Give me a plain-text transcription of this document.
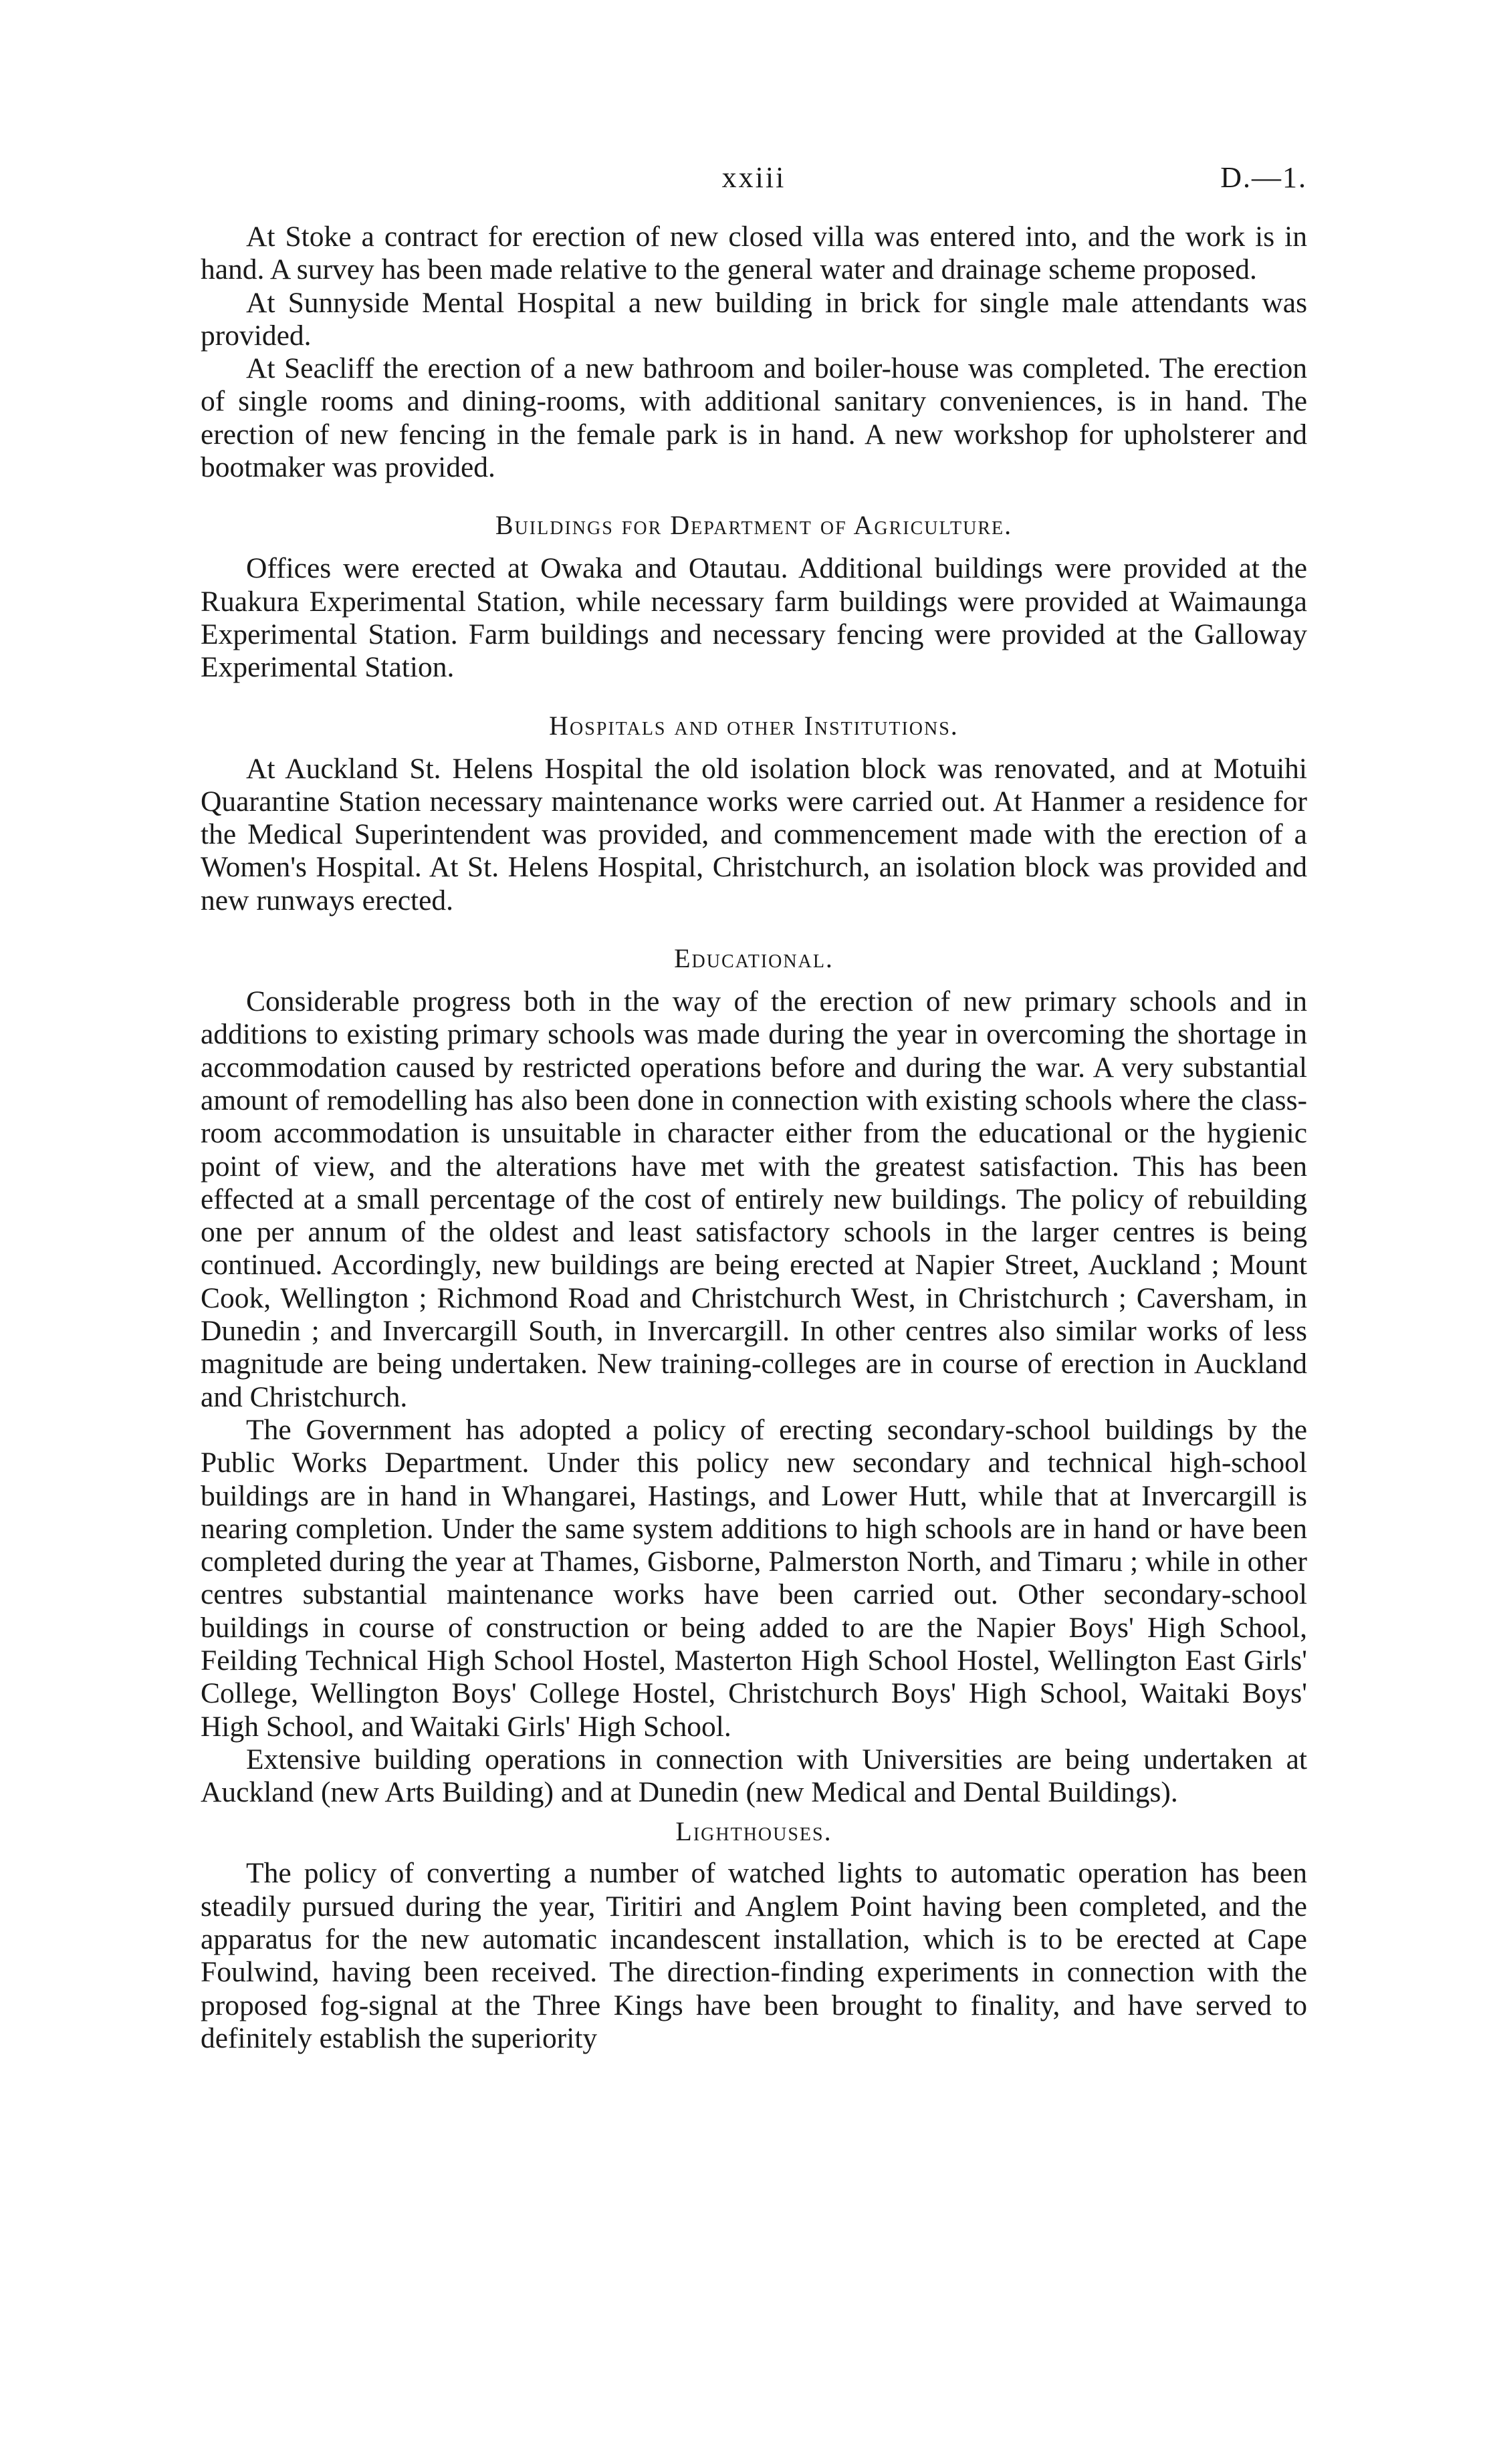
xxiii	D.—1.

At Stoke a contract for erection of new closed villa was entered into, and the work is in hand. A survey has been made relative to the general water and drainage scheme proposed.

At Sunnyside Mental Hospital a new building in brick for single male attendants was provided.

At Seacliff the erection of a new bathroom and boiler-house was completed. The erection of single rooms and dining-rooms, with additional sanitary conveniences, is in hand. The erection of new fencing in the female park is in hand. A new workshop for upholsterer and bootmaker was provided.

Buildings for Department of Agriculture.

Offices were erected at Owaka and Otautau. Additional buildings were provided at the Ruakura Experimental Station, while necessary farm buildings were provided at Waimaunga Experimental Station. Farm buildings and necessary fencing were provided at the Galloway Experimental Station.

Hospitals and other Institutions.

At Auckland St. Helens Hospital the old isolation block was renovated, and at Motuihi Quarantine Station necessary maintenance works were carried out. At Hanmer a residence for the Medical Superintendent was provided, and commencement made with the erection of a Women's Hospital. At St. Helens Hospital, Christchurch, an isolation block was provided and new runways erected.

Educational.

Considerable progress both in the way of the erection of new primary schools and in additions to existing primary schools was made during the year in overcoming the shortage in accommodation caused by restricted operations before and during the war. A very substantial amount of remodelling has also been done in connection with existing schools where the class-room accommodation is unsuitable in character either from the educational or the hygienic point of view, and the alterations have met with the greatest satisfaction. This has been effected at a small percentage of the cost of entirely new buildings. The policy of rebuilding one per annum of the oldest and least satisfactory schools in the larger centres is being continued. Accordingly, new buildings are being erected at Napier Street, Auckland ; Mount Cook, Wellington ; Richmond Road and Christchurch West, in Christchurch ; Caversham, in Dunedin ; and Invercargill South, in Invercargill. In other centres also similar works of less magnitude are being undertaken. New training-colleges are in course of erection in Auckland and Christchurch.

The Government has adopted a policy of erecting secondary-school buildings by the Public Works Department. Under this policy new secondary and technical high-school buildings are in hand in Whangarei, Hastings, and Lower Hutt, while that at Invercargill is nearing completion. Under the same system additions to high schools are in hand or have been completed during the year at Thames, Gisborne, Palmerston North, and Timaru ; while in other centres substantial maintenance works have been carried out. Other secondary-school buildings in course of construction or being added to are the Napier Boys' High School, Feilding Technical High School Hostel, Masterton High School Hostel, Wellington East Girls' College, Wellington Boys' College Hostel, Christchurch Boys' High School, Waitaki Boys' High School, and Waitaki Girls' High School.

Extensive building operations in connection with Universities are being undertaken at Auckland (new Arts Building) and at Dunedin (new Medical and Dental Buildings).

Lighthouses.

The policy of converting a number of watched lights to automatic operation has been steadily pursued during the year, Tiritiri and Anglem Point having been completed, and the apparatus for the new automatic incandescent installation, which is to be erected at Cape Foulwind, having been received. The direction-finding experiments in connection with the proposed fog-signal at the Three Kings have been brought to finality, and have served to definitely establish the superiority
